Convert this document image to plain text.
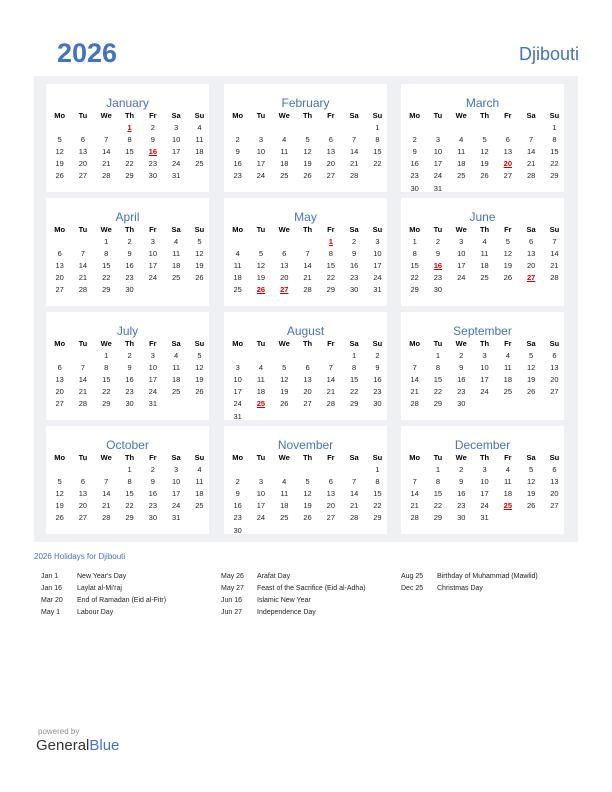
2026	Djibouti
January
Mo	Tu	We	Th	Fr	Sa	Su
			1	2	3	4
5	6	7	8	9	10	11
12	13	14	15	16	17	18
19	20	21	22	23	24	25
26	27	28	29	30	31	
February
Mo	Tu	We	Th	Fr	Sa	Su
						1
2	3	4	5	6	7	8
9	10	11	12	13	14	15
16	17	18	19	20	21	22
23	24	25	26	27	28	
March
Mo	Tu	We	Th	Fr	Sa	Su
						1
2	3	4	5	6	7	8
9	10	11	12	13	14	15
16	17	18	19	20	21	22
23	24	25	26	27	28	29
30	31					
April
Mo	Tu	We	Th	Fr	Sa	Su
		1	2	3	4	5
6	7	8	9	10	11	12
13	14	15	16	17	18	19
20	21	22	23	24	25	26
27	28	29	30			
May
Mo	Tu	We	Th	Fr	Sa	Su
				1	2	3
4	5	6	7	8	9	10
11	12	13	14	15	16	17
18	19	20	21	22	23	24
25	26	27	28	29	30	31
June
Mo	Tu	We	Th	Fr	Sa	Su
1	2	3	4	5	6	7
8	9	10	11	12	13	14
15	16	17	18	19	20	21
22	23	24	25	26	27	28
29	30					
July
Mo	Tu	We	Th	Fr	Sa	Su
		1	2	3	4	5
6	7	8	9	10	11	12
13	14	15	16	17	18	19
20	21	22	23	24	25	26
27	28	29	30	31		
August
Mo	Tu	We	Th	Fr	Sa	Su
					1	2
3	4	5	6	7	8	9
10	11	12	13	14	15	16
17	18	19	20	21	22	23
24	25	26	27	28	29	30
31						
September
Mo	Tu	We	Th	Fr	Sa	Su
	1	2	3	4	5	6
7	8	9	10	11	12	13
14	15	16	17	18	19	20
21	22	23	24	25	26	27
28	29	30				
October
Mo	Tu	We	Th	Fr	Sa	Su
			1	2	3	4
5	6	7	8	9	10	11
12	13	14	15	16	17	18
19	20	21	22	23	24	25
26	27	28	29	30	31	
November
Mo	Tu	We	Th	Fr	Sa	Su
						1
2	3	4	5	6	7	8
9	10	11	12	13	14	15
16	17	18	19	20	21	22
23	24	25	26	27	28	29
30						
December
Mo	Tu	We	Th	Fr	Sa	Su
	1	2	3	4	5	6
7	8	9	10	11	12	13
14	15	16	17	18	19	20
21	22	23	24	25	26	27
28	29	30	31			
2026 Holidays for Djibouti
Jan 1	New Year's Day
Jan 16 Laylat al-Mi'raj
Mar 20 End of Ramadan (Eid al-Fitr)
May 1 Labour Day
May 26 Arafat Day
May 27 Feast of the Sacrifice (Eid al-Adha)
Jun 16 Islamic New Year
Jun 27 Independence Day
Aug 25 Birthday of Muhammad (Mawlid)
Dec 25 Christmas Day
powered by
GeneralBlue
